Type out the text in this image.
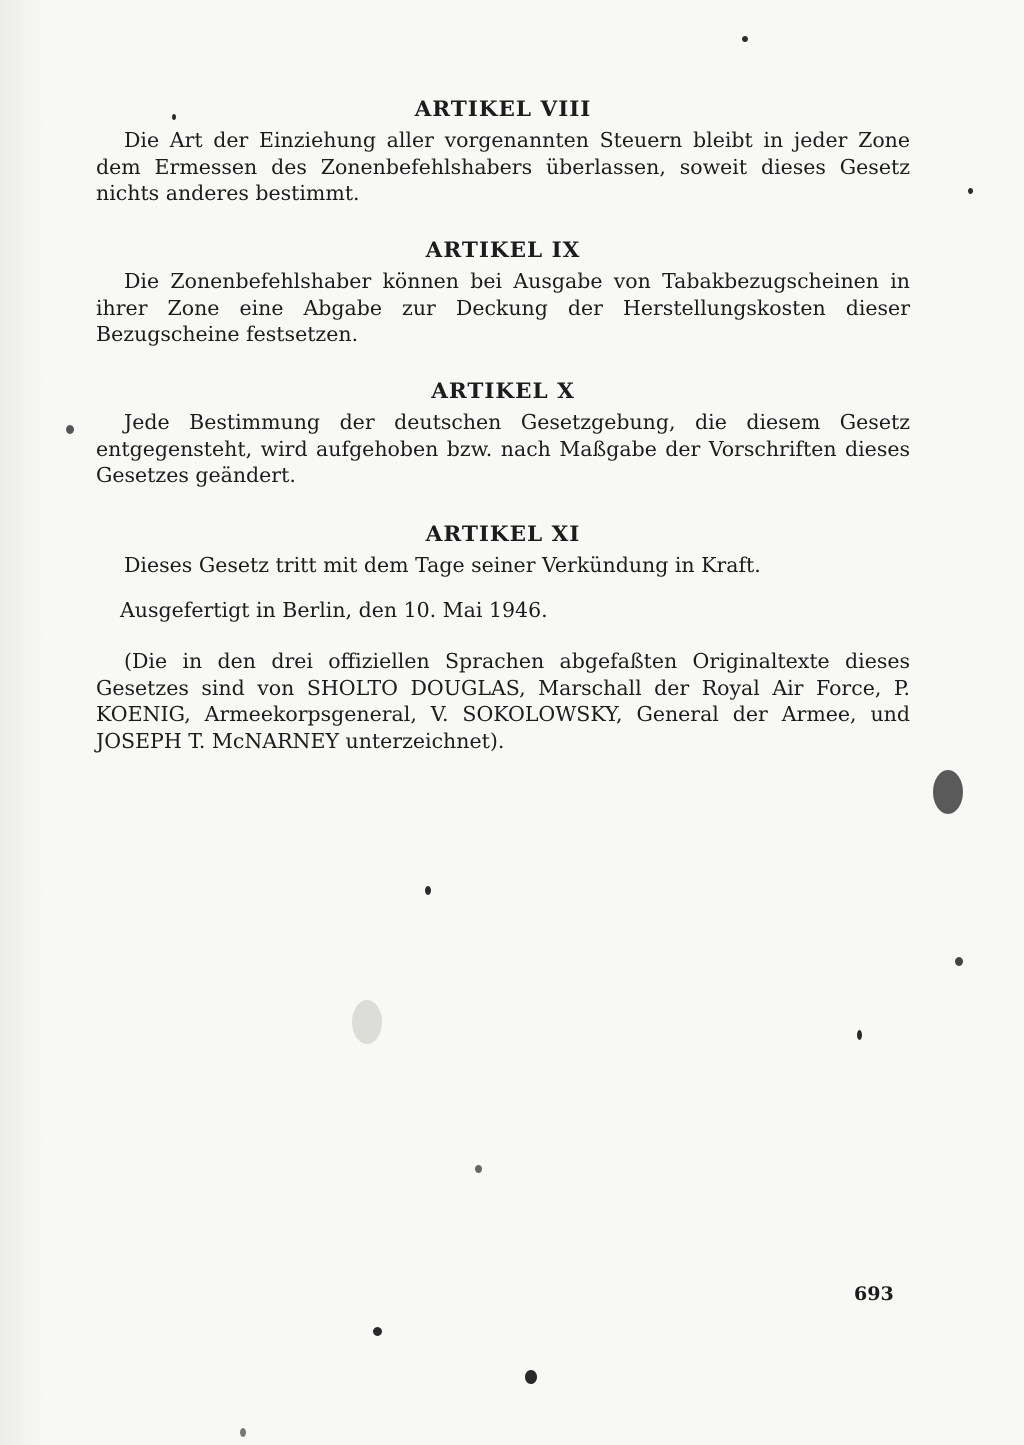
ARTIKEL VIII

Die Art der Einziehung aller vorgenannten Steuern bleibt in jeder Zone dem Ermessen des Zonenbefehlshabers überlassen, soweit dieses Gesetz nichts anderes bestimmt.

ARTIKEL IX

Die Zonenbefehlshaber können bei Ausgabe von Tabakbezugscheinen in ihrer Zone eine Abgabe zur Deckung der Herstellungskosten dieser Bezugscheine festsetzen.

ARTIKEL X

Jede Bestimmung der deutschen Gesetzgebung, die diesem Gesetz entgegensteht, wird aufgehoben bzw. nach Maßgabe der Vorschriften dieses Gesetzes geändert.

ARTIKEL XI

Dieses Gesetz tritt mit dem Tage seiner Verkündung in Kraft.

Ausgefertigt in Berlin, den 10. Mai 1946.

(Die in den drei offiziellen Sprachen abgefaßten Originaltexte dieses Gesetzes sind von SHOLTO DOUGLAS, Marschall der Royal Air Force, P. KOENIG, Armeekorpsgeneral, V. SOKOLOWSKY, General der Armee, und JOSEPH T. McNARNEY unterzeichnet).

693
